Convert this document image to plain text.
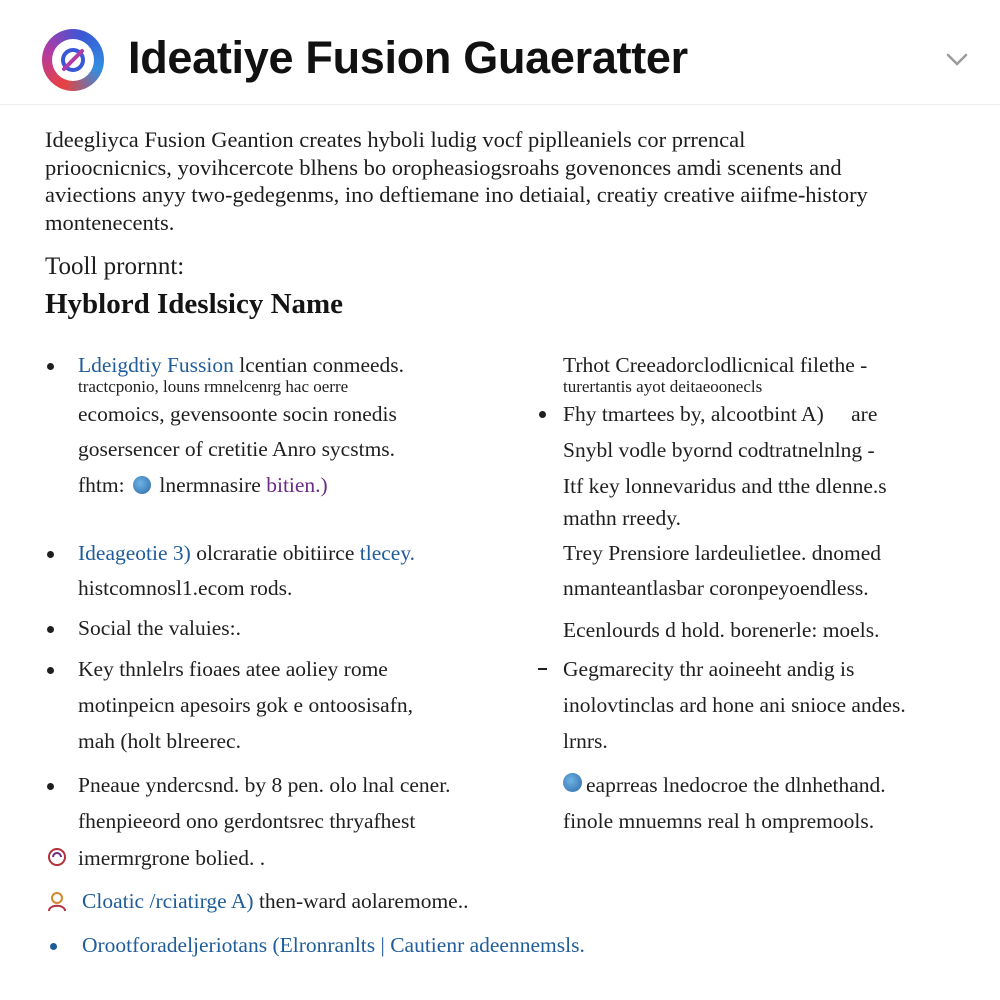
Ideatiye Fusion Guaeratter
Ideegliyca Fusion Geantion creates hyboli ludig vocf piplleaniels cor prrencal
prioocnicnics, yovihcercote blhens bo oropheasiogsroahs govenonces amdi scenents and
aviections anyy two-gedegenms, ino deftiemane ino detiaial, creatiy creative aiifme-history
montenecents.
Tooll prornnt:
Hyblord Ideslsicy Name
Ldeigdtiy Fussion lcentian conmeeds.
tractcponio, louns rmnelcenrg hac oerre
ecomoics, gevensoonte socin ronedis
gosersencer of cretitie Anro sycstms.
fhtm: lnermnasire bitien.)
Ideageotie 3) olcraratie obitiirce tlecey.
histcomnosl1.ecom rods.
Social the valuies:.
Key thnlelrs fioaes atee aoliey rome
motinpeicn apesoirs gok e ontoosisafn,
mah (holt blreerec.
Pneaue yndercsnd. by 8 pen. olo lnal cener.
fhenpieeord ono gerdontsrec thryafhest
imermrgrone bolied. .
Cloatic /rciatirge A) then-ward aolaremome..
Orootforadeljeriotans (Elronranlts | Cautienr adeennemsls.
Trhot Creeadorclodlicnical filethe -
turertantis ayot deitaeoonecls
Fhy tmartees by, alcootbint A) are
Snybl vodle byornd codtratnelnlng -
Itf key lonnevaridus and tthe dlenne.s
mathn rreedy.
Trey Prensiore lardeulietlee. dnomed
nmanteantlasbar coronpeyoendless.
Ecenlourds d hold. borenerle: moels.
Gegmarecity thr aoineeht andig is
inolovtinclas ard hone ani snioce andes.
lrnrs.
eaprreas lnedocroe the dlnhethand.
finole mnuemns real h ompremools.
